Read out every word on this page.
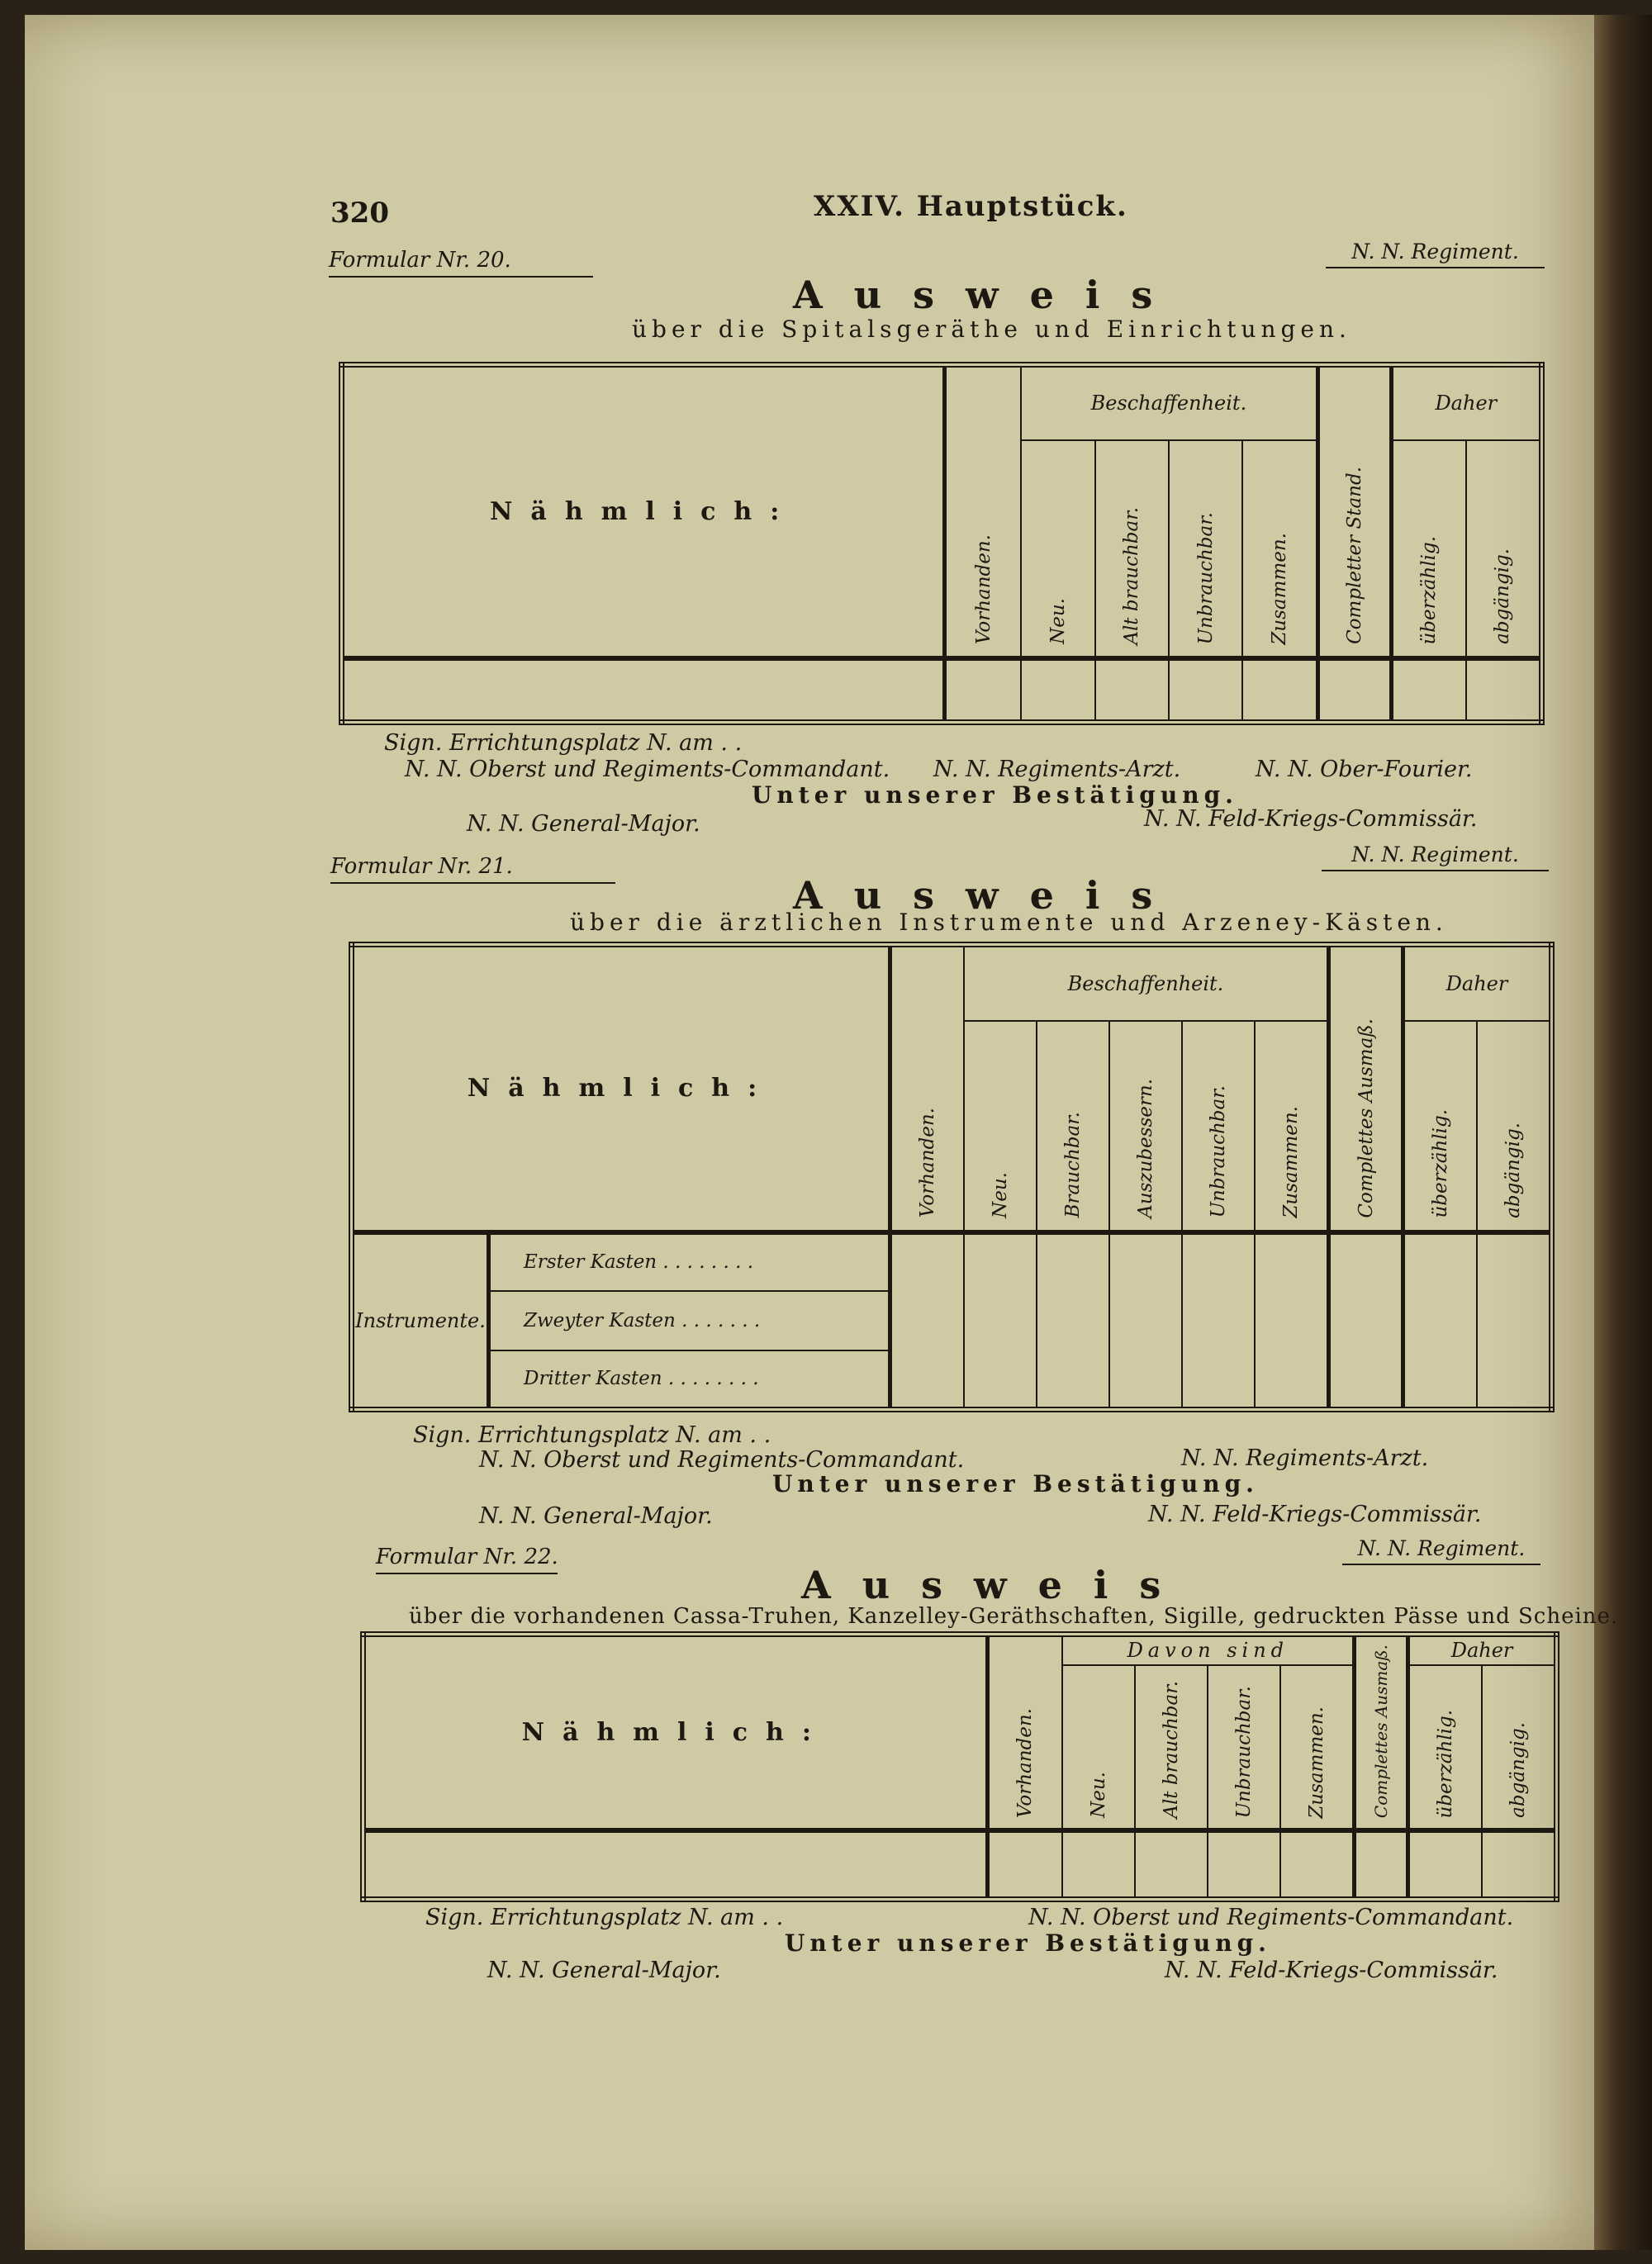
320	XXIV. Hauptstück.
Formular Nr. 20.	N. N. Regiment.
Ausweis
über die Spitalsgeräthe und Einrichtungen.
Nähmlich:	Vorhanden.	Beschaffenheit.				Completter Stand.	Daher	
		Neu.	Alt brauchbar.	Unbrauchbar.	Zusammen.		überzählig.	abgängig.

Sign. Errichtungsplatz N. am . .
N. N. Oberst und Regiments-Commandant. N. N. Regiments-Arzt.	N. N. Ober-Fourier.
Unter unserer Bestätigung.
N. N. General-Major.	N. N. Feld-Kriegs-Commissär.
Formular Nr. 21.	N. N. Regiment.
Ausweis
über die ärztlichen Instrumente und Arzeney-Kästen.
Nähmlich:		Vorhanden.	Beschaffenheit.					Complettes Ausmaß.	Daher	
			Neu.	Brauchbar.	Auszubessern.	Unbrauchbar.	Zusammen.		überzählig.	abgängig.
Instrumente.	Erster Kasten . . . . . . . .									
	Zweyter Kasten . . . . . . .									
	Dritter Kasten . . . . . . . .									
Sign. Errichtungsplatz N. am . .
N. N. Oberst und Regiments-Commandant.	N. N. Regiments-Arzt.
Unter unserer Bestätigung.
N. N. General-Major.	N. N. Feld-Kriegs-Commissär.
Formular Nr. 22.	N. N. Regiment.
Ausweis
über die vorhandenen Cassa-Truhen, Kanzelley-Geräthschaften, Sigille, gedruckten Pässe und Scheine.
Nähmlich:	Vorhanden.	Davon sind				Complettes Ausmaß.	Daher	
		Neu.	Alt brauchbar.	Unbrauchbar.	Zusammen.		überzählig.	abgängig.

Sign. Errichtungsplatz N. am . .	N. N. Oberst und Regiments-Commandant.
Unter unserer Bestätigung.
N. N. General-Major.	N. N. Feld-Kriegs-Commissär.
